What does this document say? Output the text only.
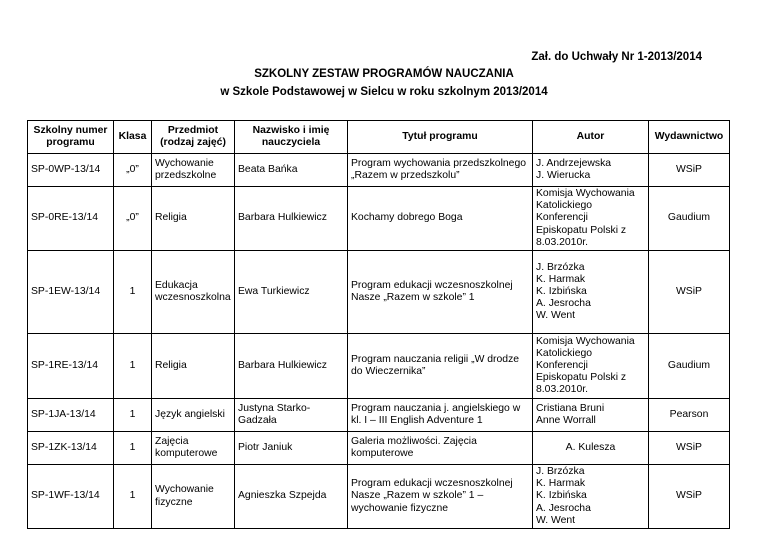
Zał. do Uchwały Nr 1-2013/2014
SZKOLNY ZESTAW PROGRAMÓW NAUCZANIA
w Szkole Podstawowej w Sielcu w roku szkolnym 2013/2014
Szkolny numer programu	Klasa	Przedmiot (rodzaj zajęć)	Nazwisko i imię nauczyciela	Tytuł programu	Autor	Wydawnictwo
SP-0WP-13/14	„0”	Wychowanie
przedszkolne	Beata Bańka	Program wychowania przedszkolnego
„Razem w przedszkolu”	J. Andrzejewska
J. Wierucka	WSiP
SP-0RE-13/14	„0”	Religia	Barbara Hulkiewicz	Kochamy dobrego Boga	Komisja Wychowania
Katolickiego Konferencji
Episkopatu Polski z
8.03.2010r.	Gaudium
SP-1EW-13/14	1	Edukacja
wczesnoszkolna	Ewa Turkiewicz	Program edukacji wczesnoszkolnej
Nasze „Razem w szkole” 1	J. Brzózka
K. Harmak
K. Izbińska
A. Jesrocha
W. Went	WSiP
SP-1RE-13/14	1	Religia	Barbara Hulkiewicz	Program nauczania religii „W drodze
do Wieczernika”	Komisja Wychowania
Katolickiego Konferencji
Episkopatu Polski z
8.03.2010r.	Gaudium
SP-1JA-13/14	1	Język angielski	Justyna Starko-Gadzała	Program nauczania j. angielskiego w
kl. I – III English Adventure 1	Cristiana Bruni
Anne Worrall	Pearson
SP-1ZK-13/14	1	Zajęcia
komputerowe	Piotr Janiuk	Galeria możliwości. Zajęcia
komputerowe	A. Kulesza	WSiP
SP-1WF-13/14	1	Wychowanie
fizyczne	Agnieszka Szpejda	Program edukacji wczesnoszkolnej
Nasze „Razem w szkole” 1 –
wychowanie fizyczne	J. Brzózka
K. Harmak
K. Izbińska
A. Jesrocha
W. Went	WSiP
